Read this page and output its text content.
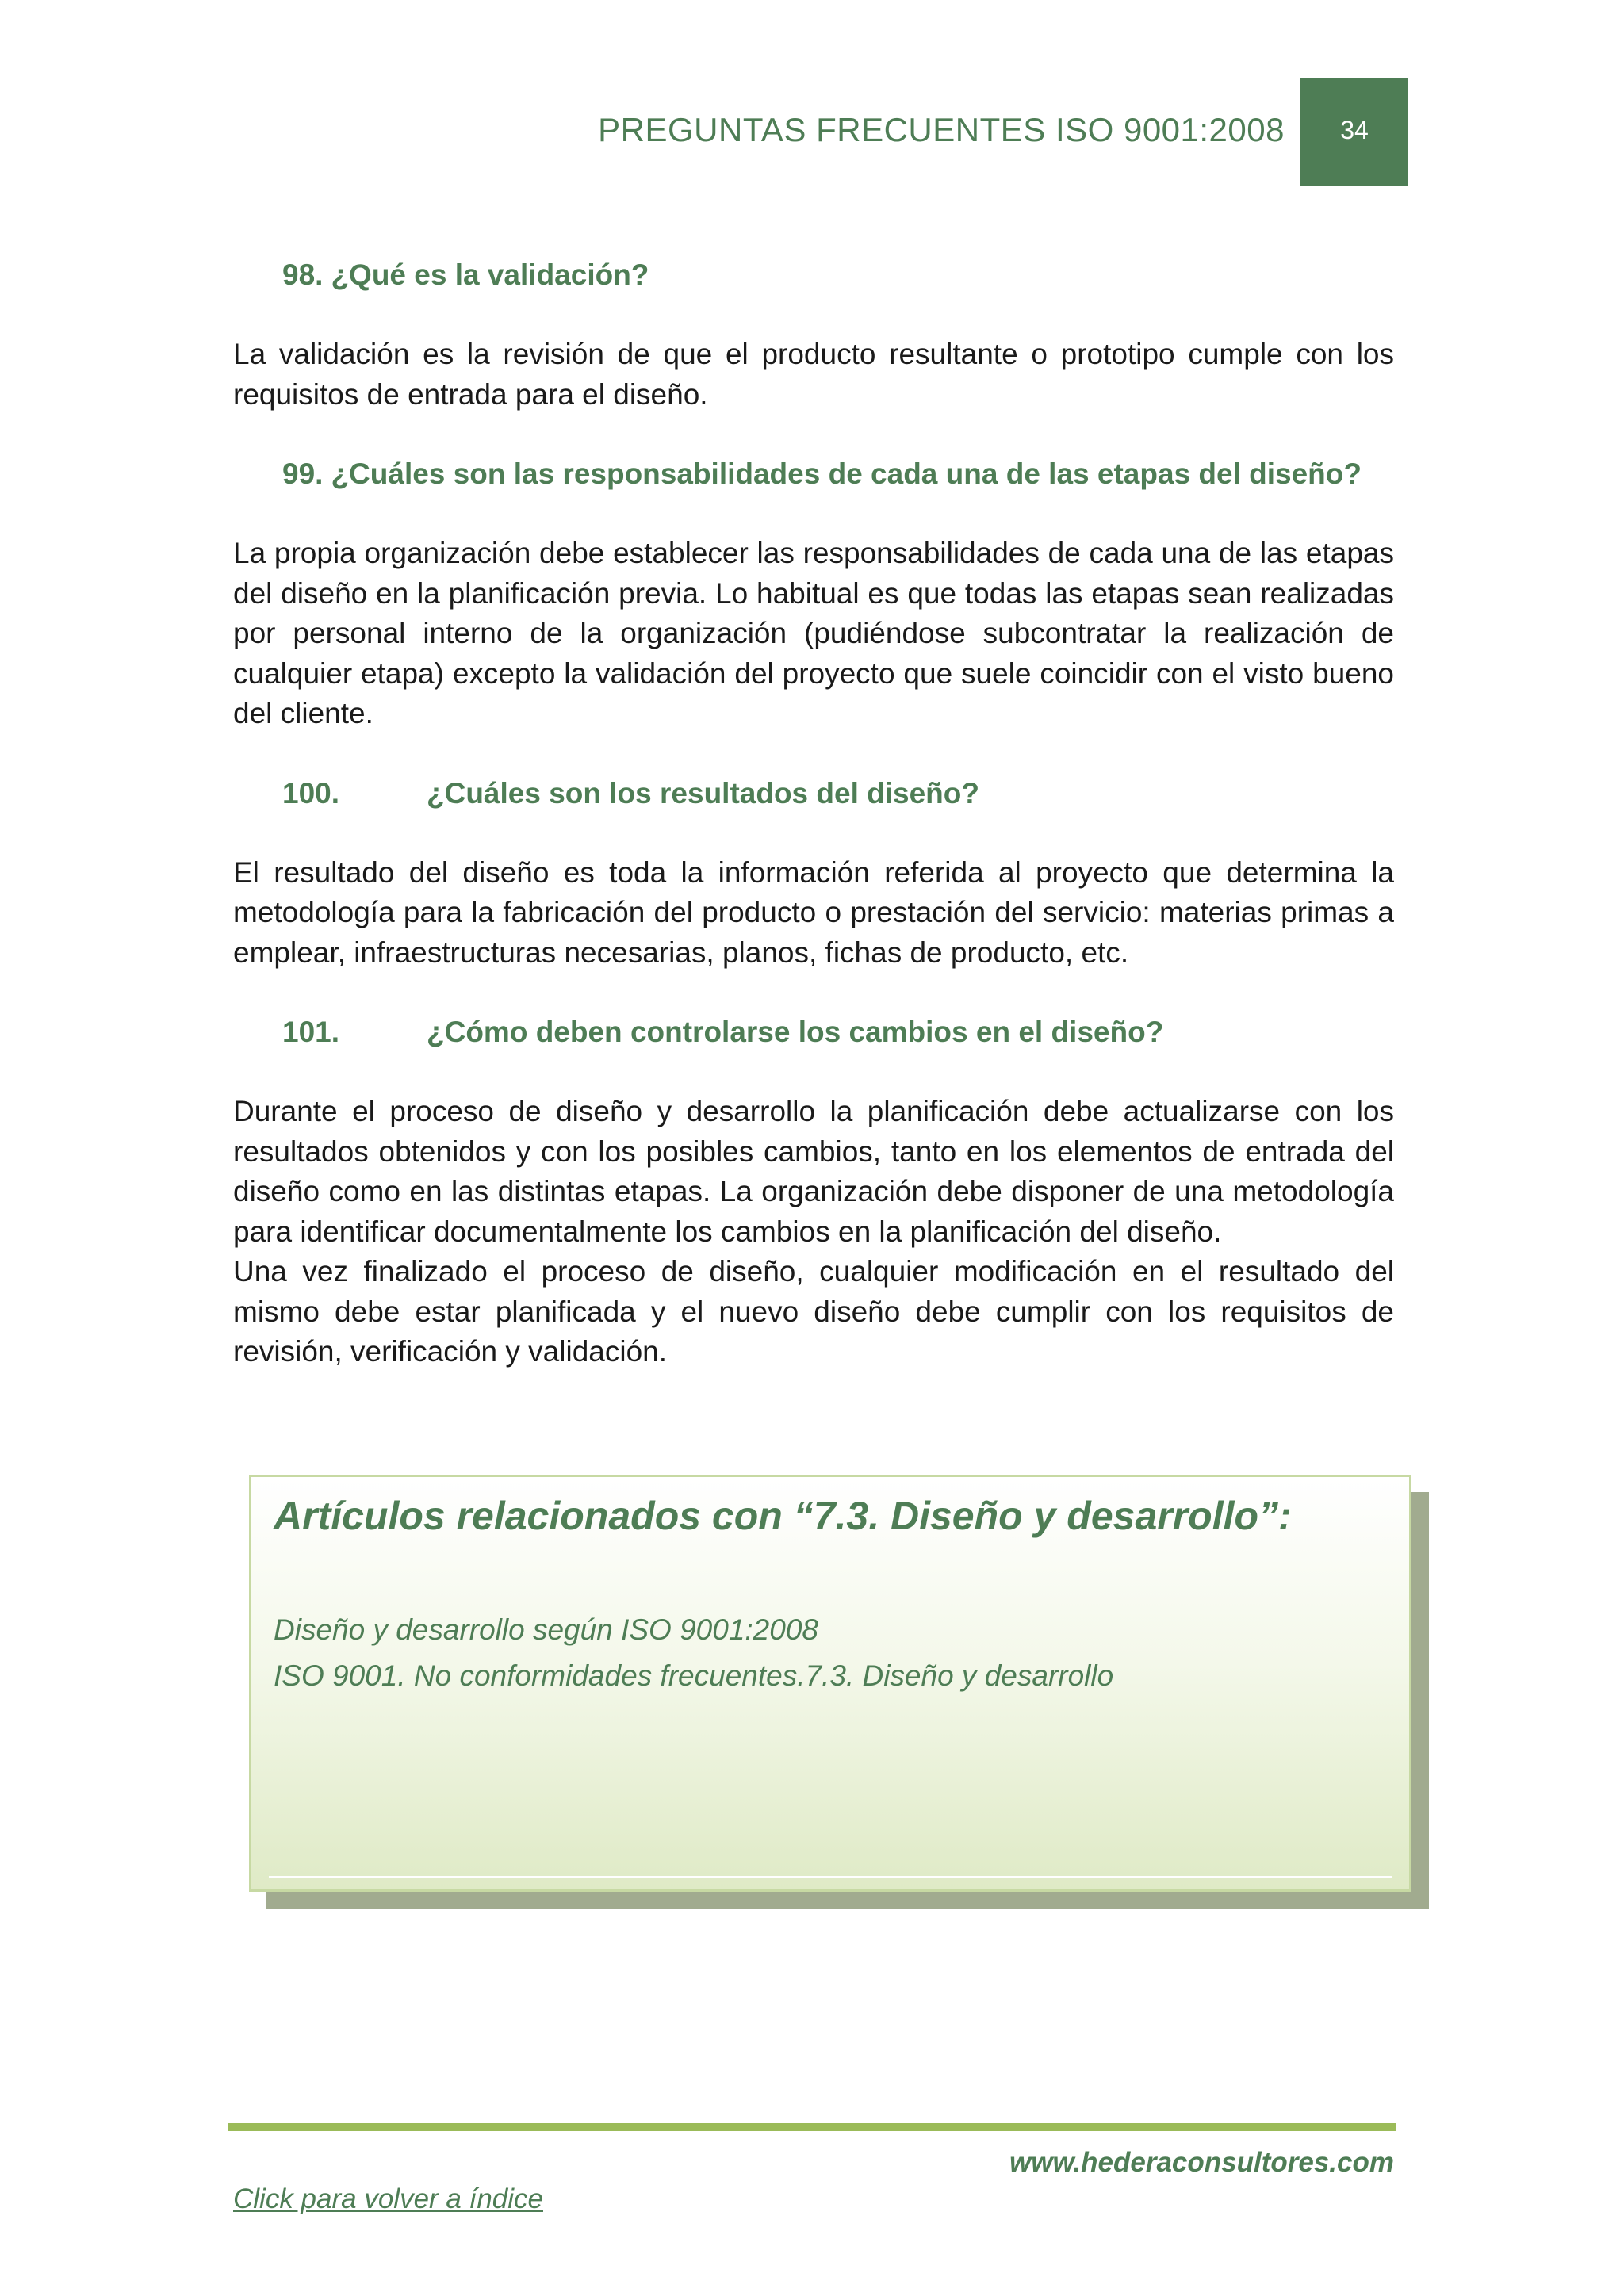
PREGUNTAS FRECUENTES ISO 9001:2008 34
98. ¿Qué es la validación?

La validación es la revisión de que el producto resultante o prototipo cumple con los requisitos de entrada para el diseño.

99. ¿Cuáles son las responsabilidades de cada una de las etapas del diseño?

La propia organización debe establecer las responsabilidades de cada una de las etapas del diseño en la planificación previa. Lo habitual es que todas las etapas sean realizadas por personal interno de la organización (pudiéndose subcontratar la realización de cualquier etapa) excepto la validación del proyecto que suele coincidir con el visto bueno del cliente.

100.	¿Cuáles son los resultados del diseño?

El resultado del diseño es toda la información referida al proyecto que determina la metodología para la fabricación del producto o prestación del servicio: materias primas a emplear, infraestructuras necesarias, planos, fichas de producto, etc.

101.	¿Cómo deben controlarse los cambios en el diseño?

Durante el proceso de diseño y desarrollo la planificación debe actualizarse con los resultados obtenidos y con los posibles cambios, tanto en los elementos de entrada del diseño como en las distintas etapas. La organización debe disponer de una metodología para identificar documentalmente los cambios en la planificación del diseño.

Una vez finalizado el proceso de diseño, cualquier modificación en el resultado del mismo debe estar planificada y el nuevo diseño debe cumplir con los requisitos de revisión, verificación y validación.

Artículos relacionados con “7.3. Diseño y desarrollo”:
Diseño y desarrollo según ISO 9001:2008
ISO 9001. No conformidades frecuentes.7.3. Diseño y desarrollo
www.hederaconsultores.com
Click para volver a índice
